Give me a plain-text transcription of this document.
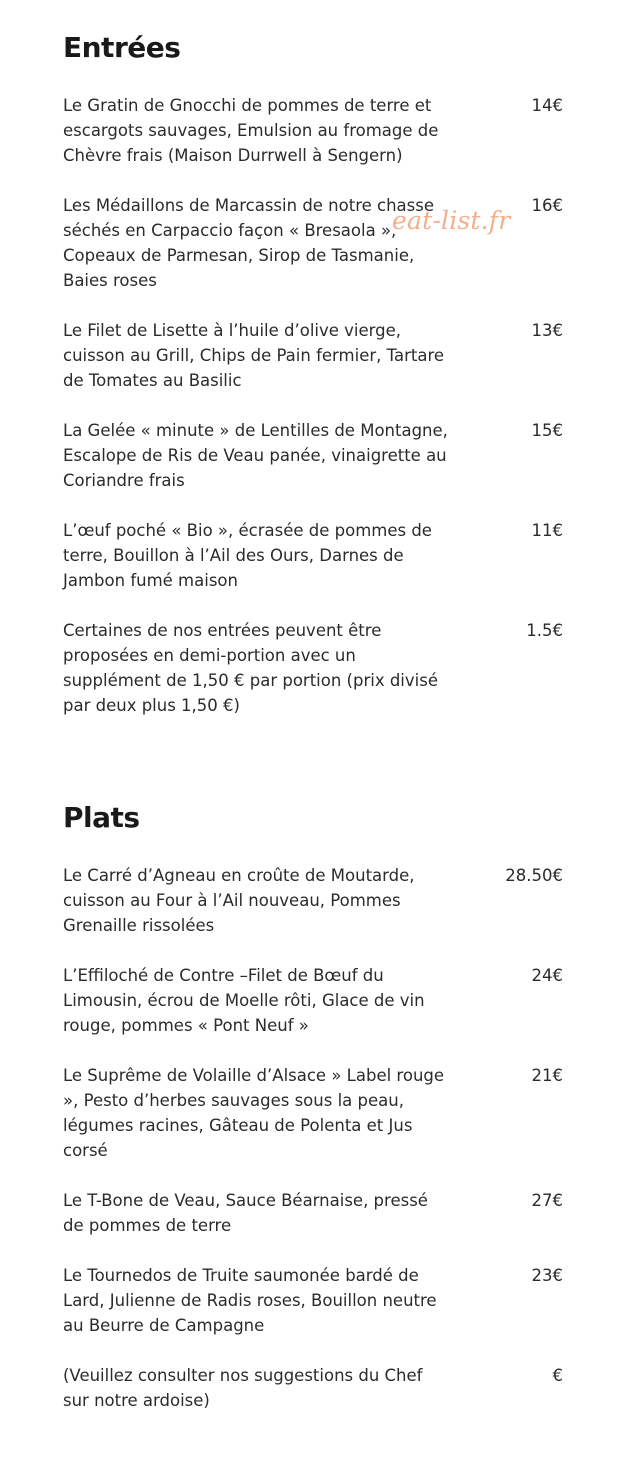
Entrées
Le Gratin de Gnocchi de pommes de terre et escargots sauvages, Emulsion au fromage de Chèvre frais (Maison Durrwell à Sengern)
14€
Les Médaillons de Marcassin de notre chasse séchés en Carpaccio façon « Bresaola », Copeaux de Parmesan, Sirop de Tasmanie, Baies roses
16€
Le Filet de Lisette à l’huile d’olive vierge, cuisson au Grill, Chips de Pain fermier, Tartare de Tomates au Basilic
13€
La Gelée « minute » de Lentilles de Montagne, Escalope de Ris de Veau panée, vinaigrette au Coriandre frais
15€
L’œuf poché « Bio », écrasée de pommes de terre, Bouillon à l’Ail des Ours, Darnes de Jambon fumé maison
11€
Certaines de nos entrées peuvent être proposées en demi-portion avec un supplément de 1,50 € par portion (prix divisé par deux plus 1,50 €)
1.5€
Plats
Le Carré d’Agneau en croûte de Moutarde, cuisson au Four à l’Ail nouveau, Pommes Grenaille rissolées
28.50€
L’Effiloché de Contre –Filet de Bœuf du Limousin, écrou de Moelle rôti, Glace de vin rouge, pommes « Pont Neuf »
24€
Le Suprême de Volaille d’Alsace » Label rouge », Pesto d’herbes sauvages sous la peau, légumes racines, Gâteau de Polenta et Jus corsé
21€
Le T-Bone de Veau, Sauce Béarnaise, pressé de pommes de terre
27€
Le Tournedos de Truite saumonée bardé de Lard, Julienne de Radis roses, Bouillon neutre au Beurre de Campagne
23€
(Veuillez consulter nos suggestions du Chef sur notre ardoise)
€
eat-list.fr
